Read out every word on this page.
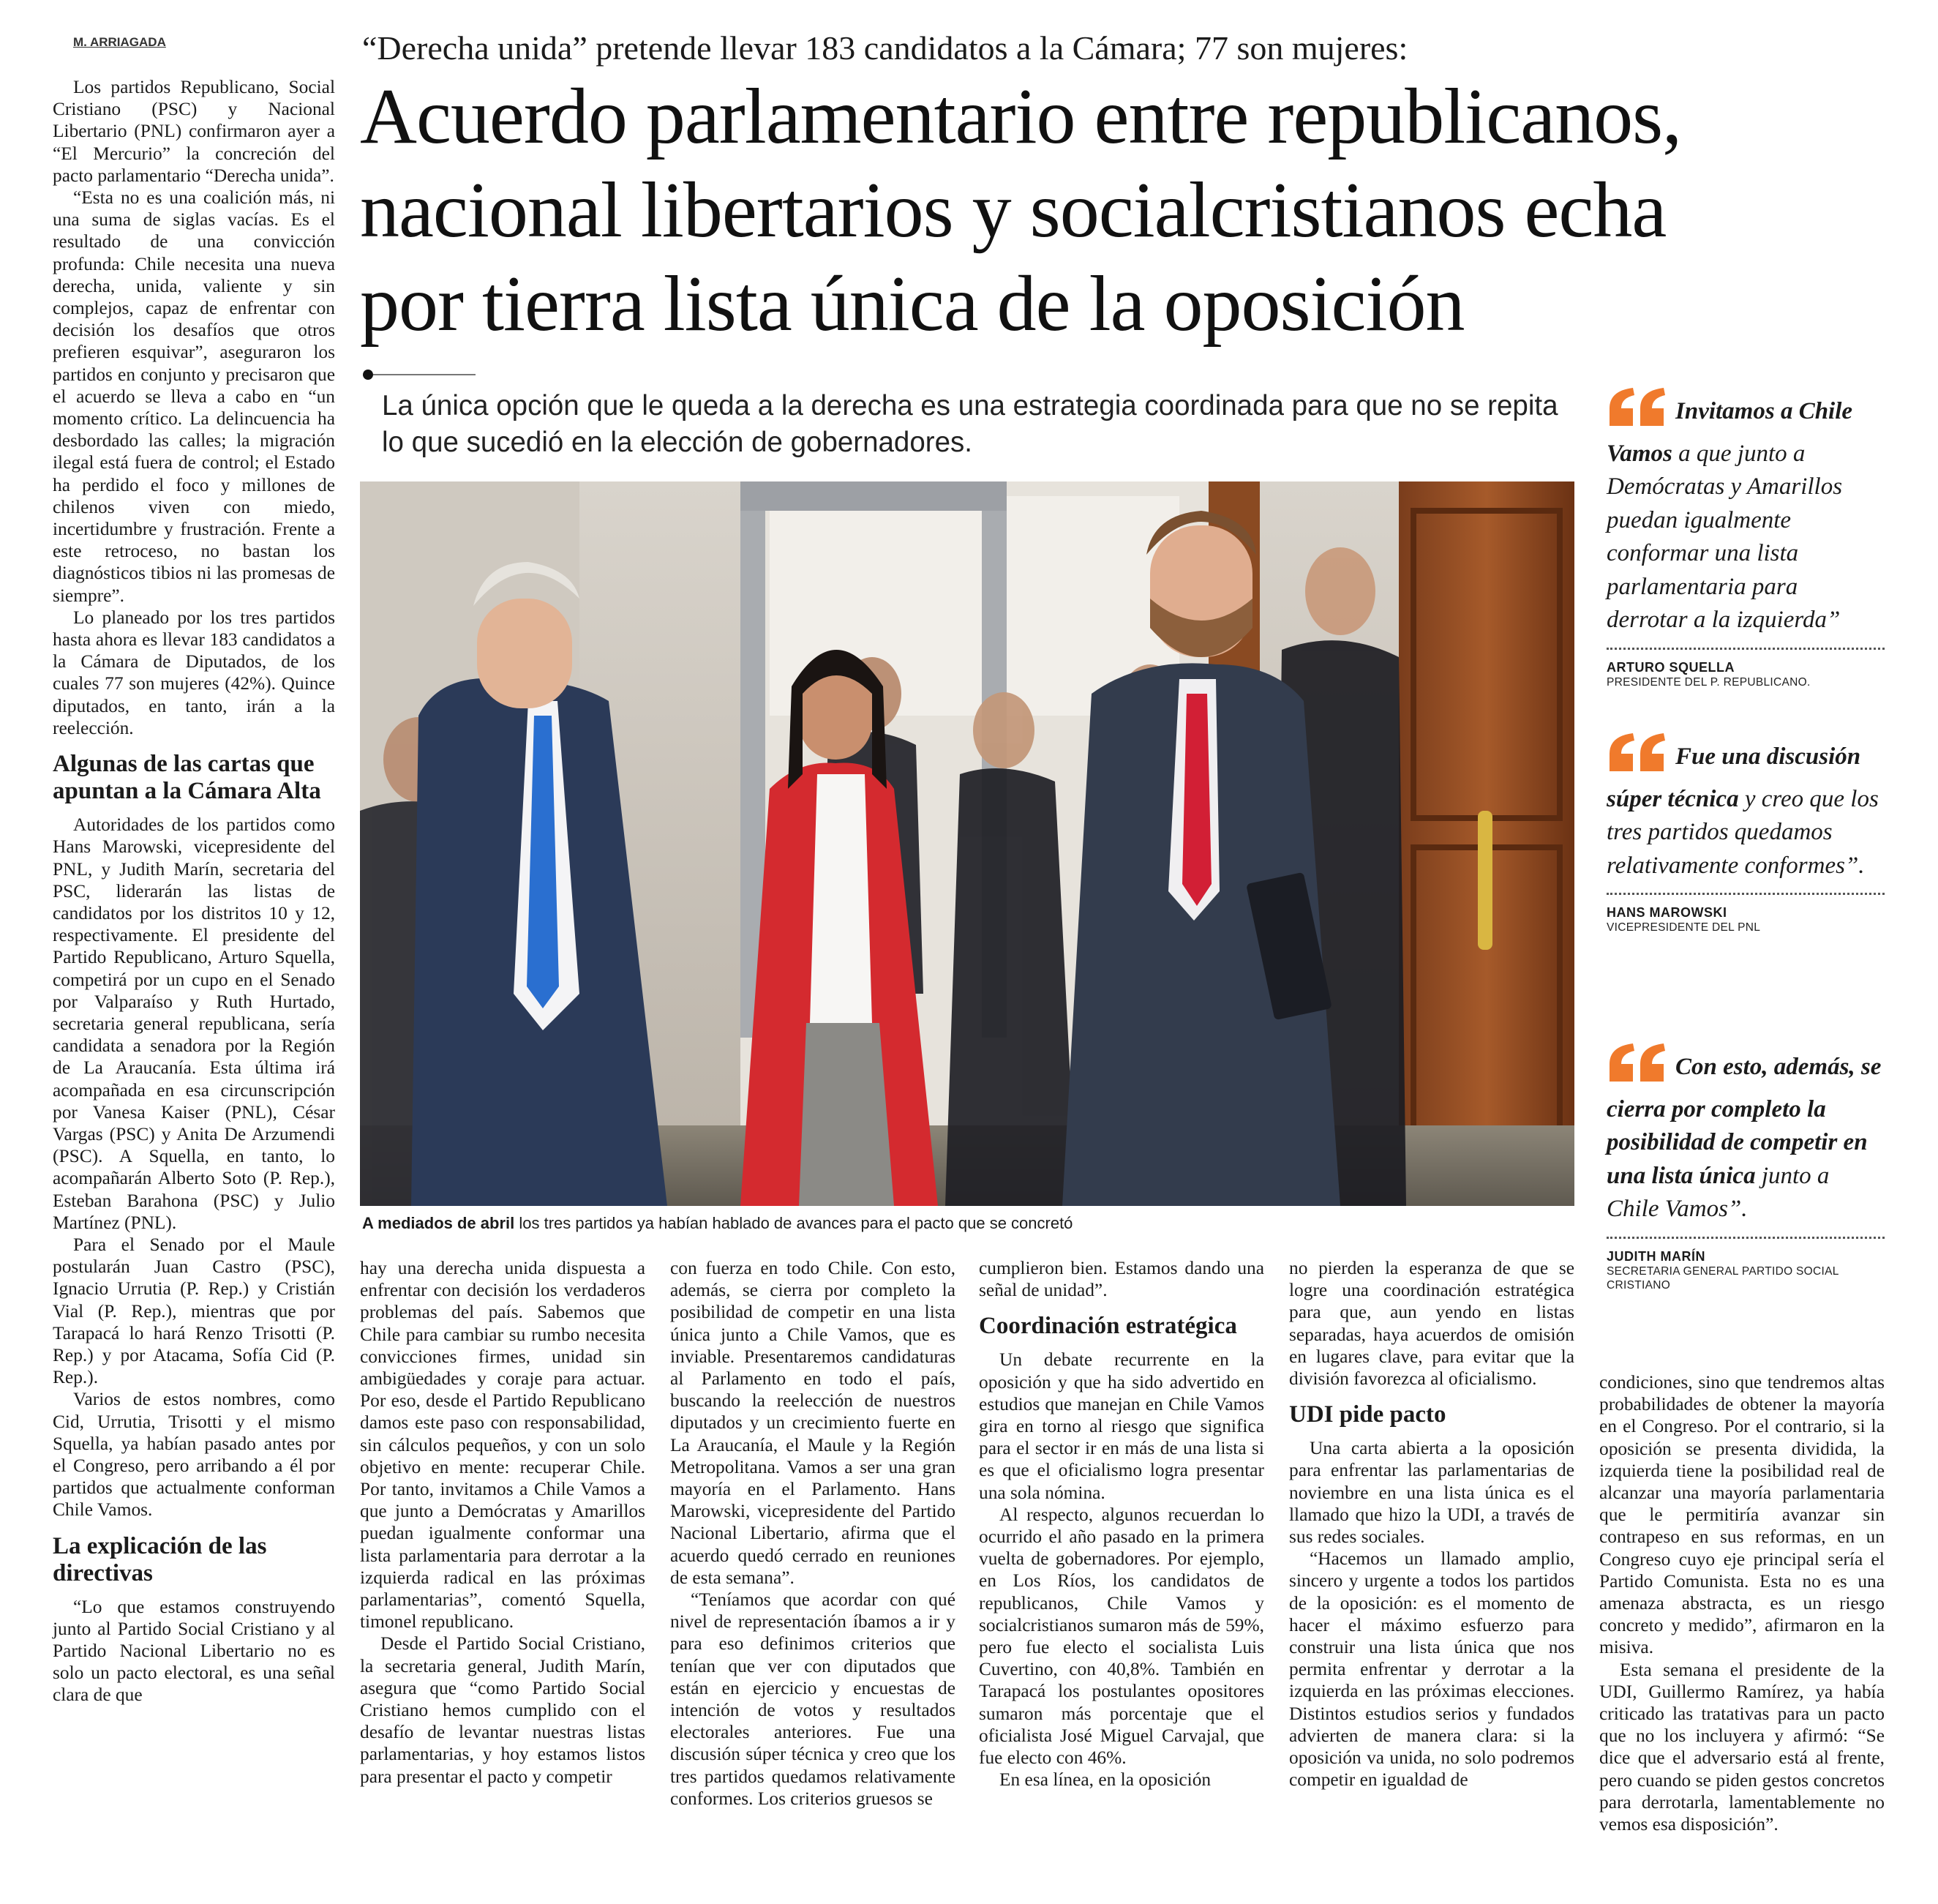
M. ARRIAGADA	“Derecha unida” pretende llevar 183 candidatos a la Cámara; 77 son mujeres:
Acuerdo parlamentario entre republicanos,
nacional libertarios y socialcristianos echa
por tierra lista única de la oposición
La única opción que le queda a la derecha es una estrategia coordinada para que no se repita lo que sucedió en la elección de gobernadores.

Los partidos Republicano, Social Cristiano (PSC) y Nacional Libertario (PNL) confirmaron ayer a “El Mercurio” la concreción del pacto parlamentario “Derecha unida”.

“Esta no es una coalición más, ni una suma de siglas vacías. Es el resultado de una convicción profunda: Chile necesita una nueva derecha, unida, valiente y sin complejos, capaz de enfrentar con decisión los desafíos que otros prefieren esquivar”, aseguraron los partidos en conjunto y precisaron que el acuerdo se lleva a cabo en “un momento crítico. La delincuencia ha desbordado las calles; la migración ilegal está fuera de control; el Estado ha perdido el foco y millones de chilenos viven con miedo, incertidumbre y frustración. Frente a este retroceso, no bastan los diagnósticos tibios ni las promesas de siempre”.

Lo planeado por los tres partidos hasta ahora es llevar 183 candidatos a la Cámara de Diputados, de los cuales 77 son mujeres (42%). Quince diputados, en tanto, irán a la reelección.

Algunas de las cartas que apuntan a la Cámara Alta

Autoridades de los partidos como Hans Marowski, vicepresidente del PNL, y Judith Marín, secretaria del PSC, liderarán las listas de candidatos por los distritos 10 y 12, respectivamente. El presidente del Partido Republicano, Arturo Squella, competirá por un cupo en el Senado por Valparaíso y Ruth Hurtado, secretaria general republicana, sería candidata a senadora por la Región de La Araucanía. Esta última irá acompañada en esa circunscripción por Vanesa Kaiser (PNL), César Vargas (PSC) y Anita De Arzumendi (PSC). A Squella, en tanto, lo acompañarán Alberto Soto (P. Rep.), Esteban Barahona (PSC) y Julio Martínez (PNL).

Para el Senado por el Maule postularán Juan Castro (PSC), Ignacio Urrutia (P. Rep.) y Cristián Vial (P. Rep.), mientras que por Tarapacá lo hará Renzo Trisotti (P. Rep.) y por Atacama, Sofía Cid (P. Rep.).

Varios de estos nombres, como Cid, Urrutia, Trisotti y el mismo Squella, ya habían pasado antes por el Congreso, pero arribando a él por partidos que actualmente conforman Chile Vamos.

La explicación de las directivas

“Lo que estamos construyendo junto al Partido Social Cristiano y al Partido Nacional Libertario no es solo un pacto electoral, es una señal clara de que

A mediados de abril los tres partidos ya habían hablado de avances para el pacto que se concretó
Invitamos a Chile Vamos a que junto a Demócratas y Amarillos puedan igualmente conformar una lista parlamentaria para derrotar a la izquierda”
ARTURO SQUELLA
PRESIDENTE DEL P. REPUBLICANO.
Fue una discusión súper técnica y creo que los tres partidos quedamos relativamente conformes”.
HANS MAROWSKI
VICEPRESIDENTE DEL PNL
Con esto, además, se cierra por completo la posibilidad de competir en una lista única junto a Chile Vamos”.
JUDITH MARÍN
SECRETARIA GENERAL PARTIDO SOCIAL CRISTIANO

hay una derecha unida dispuesta a enfrentar con decisión los verdaderos problemas del país. Sabemos que Chile para cambiar su rumbo necesita convicciones firmes, unidad sin ambigüedades y coraje para actuar. Por eso, desde el Partido Republicano damos este paso con responsabilidad, sin cálculos pequeños, y con un solo objetivo en mente: recuperar Chile. Por tanto, invitamos a Chile Vamos a que junto a Demócratas y Amarillos puedan igualmente conformar una lista parlamentaria para derrotar a la izquierda radical en las próximas parlamentarias”, comentó Squella, timonel republicano.

Desde el Partido Social Cristiano, la secretaria general, Judith Marín, asegura que “como Partido Social Cristiano hemos cumplido con el desafío de levantar nuestras listas parlamentarias, y hoy estamos listos para presentar el pacto y competir

con fuerza en todo Chile. Con esto, además, se cierra por completo la posibilidad de competir en una lista única junto a Chile Vamos, que es inviable. Presentaremos candidaturas al Parlamento en todo el país, buscando la reelección de nuestros diputados y un crecimiento fuerte en La Araucanía, el Maule y la Región Metropolitana. Vamos a ser una gran mayoría en el Parlamento. Hans Marowski, vicepresidente del Partido Nacional Libertario, afirma que el acuerdo quedó cerrado en reuniones de esta semana”.

“Teníamos que acordar con qué nivel de representación íbamos a ir y para eso definimos criterios que tenían que ver con diputados que están en ejercicio y encuestas de intención de votos y resultados electorales anteriores. Fue una discusión súper técnica y creo que los tres partidos quedamos relativamente conformes. Los criterios gruesos se

cumplieron bien. Estamos dando una señal de unidad”.

Coordinación estratégica

Un debate recurrente en la oposición y que ha sido advertido en estudios que manejan en Chile Vamos gira en torno al riesgo que significa para el sector ir en más de una lista si es que el oficialismo logra presentar una sola nómina.

Al respecto, algunos recuerdan lo ocurrido el año pasado en la primera vuelta de gobernadores. Por ejemplo, en Los Ríos, los candidatos de republicanos, Chile Vamos y socialcristianos sumaron más de 59%, pero fue electo el socialista Luis Cuvertino, con 40,8%. También en Tarapacá los postulantes opositores sumaron más porcentaje que el oficialista José Miguel Carvajal, que fue electo con 46%.

En esa línea, en la oposición

no pierden la esperanza de que se logre una coordinación estratégica para que, aun yendo en listas separadas, haya acuerdos de omisión en lugares clave, para evitar que la división favorezca al oficialismo.

UDI pide pacto

Una carta abierta a la oposición para enfrentar las parlamentarias de noviembre en una lista única es el llamado que hizo la UDI, a través de sus redes sociales.

“Hacemos un llamado amplio, sincero y urgente a todos los partidos de la oposición: es el momento de hacer el máximo esfuerzo para construir una lista única que nos permita enfrentar y derrotar a la izquierda en las próximas elecciones. Distintos estudios serios y fundados advierten de manera clara: si la oposición va unida, no solo podremos competir en igualdad de

condiciones, sino que tendremos altas probabilidades de obtener la mayoría en el Congreso. Por el contrario, si la oposición se presenta dividida, la izquierda tiene la posibilidad real de alcanzar una mayoría parlamentaria que le permitiría avanzar sin contrapeso en sus reformas, en un Congreso cuyo eje principal sería el Partido Comunista. Esta no es una amenaza abstracta, es un riesgo concreto y medido”, afirmaron en la misiva.

Esta semana el presidente de la UDI, Guillermo Ramírez, ya había criticado las tratativas para un pacto que no los incluyera y afirmó: “Se dice que el adversario está al frente, pero cuando se piden gestos concretos para derrotarla, lamentablemente no vemos esa disposición”.
